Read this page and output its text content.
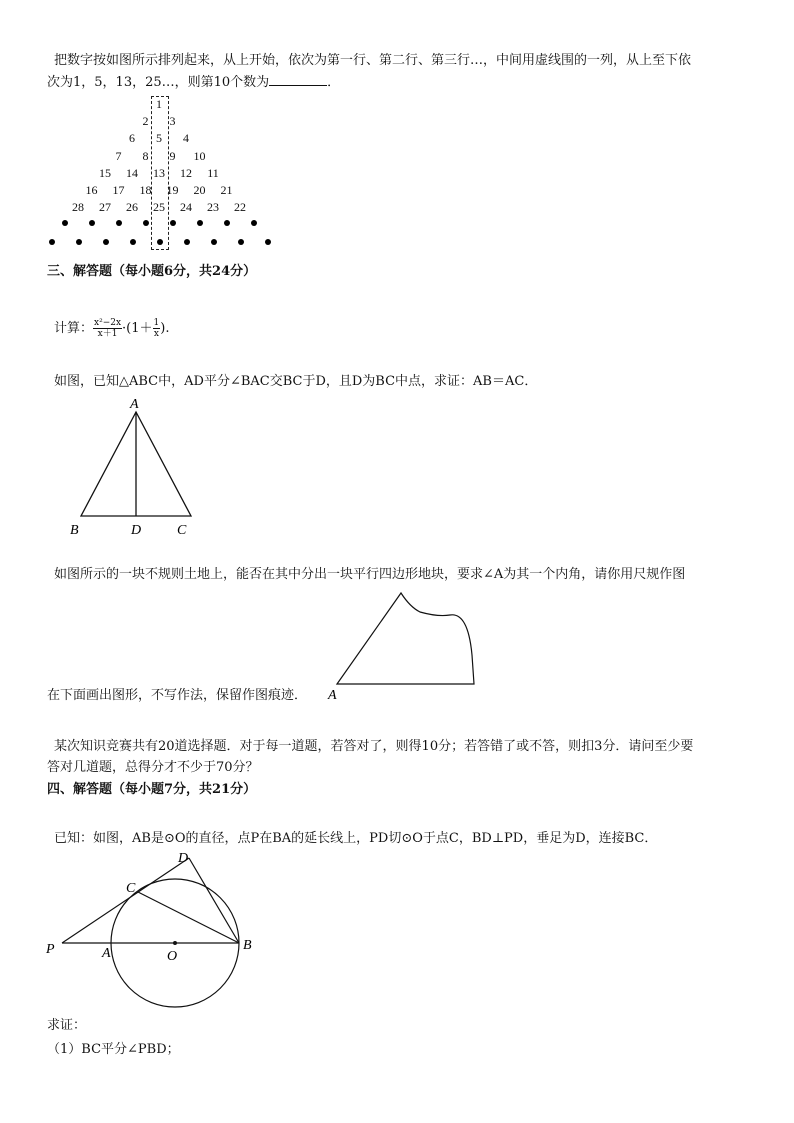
把数字按如图所示排列起来，从上开始，依次为第一行、第二行、第三行…，中间用虚线围的一列，从上至下依
次为1，5，13，25…，则第10个数为	．
1
2	3
6	5	4
7	8	9	10
15 14 13 12 11
16 17 18 19 20 21
28 27 26 25 24 23 22
三、解答题（每小题6分，共24分）
计算： $\frac{\text{x²−2x}}{x+1} \cdot(1+ \frac{1}{x}$ ).
如图，已知△ABC中，AD平分∠BAC交BC于D，且D为BC中点，求证：AB＝AC．
A
B	D	C
如图所示的一块不规则土地上，能否在其中分出一块平行四边形地块，要求∠A为其一个内角，请你用尺规作图
A
在下面画出图形，不写作法，保留作图痕迹．
某次知识竞赛共有20道选择题．对于每一道题，若答对了，则得10分；若答错了或不答，则扣3分．请问至少要
答对几道题，总得分才不少于70分？
四、解答题（每小题7分，共21分）
已知：如图，AB是⊙O的直径，点P在BA的延长线上，PD切⊙O于点C，BD⊥PD，垂足为D，连接BC．
P	A	O
B
C
D
求证：
（1）BC平分∠PBD；
